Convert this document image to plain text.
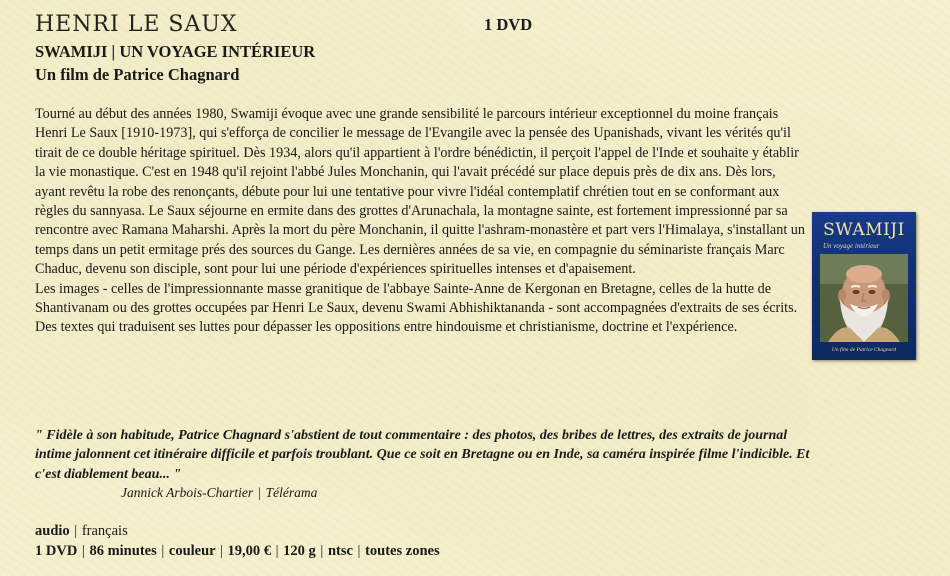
HENRI LE SAUX	1 DVD
SWAMIJI | UN VOYAGE INTÉRIEUR
Un film de Patrice Chagnard

Tourné au début des années 1980, Swamiji évoque avec une grande sensibilité le parcours intérieur exceptionnel du moine français Henri Le Saux [1910-1973], qui s'efforça de concilier le message de l'Evangile avec la pensée des Upanishads, vivant les vérités qu'il tirait de ce double héritage spirituel. Dès 1934, alors qu'il appartient à l'ordre bénédictin, il perçoit l'appel de l'Inde et souhaite y établir la vie monastique. C'est en 1948 qu'il rejoint l'abbé Jules Monchanin, qui l'avait précédé sur place depuis près de dix ans. Dès lors, ayant revêtu la robe des renonçants, débute pour lui une tentative pour vivre l'idéal contemplatif chrétien tout en se conformant aux règles du sannyasa. Le Saux séjourne en ermite dans des grottes d'Arunachala, la montagne sainte, est fortement impressionné par sa rencontre avec Ramana Maharshi. Après la mort du père Monchanin, il quitte l'ashram-monastère et part vers l'Himalaya, s'installant un temps dans un petit ermitage prés des sources du Gange. Les dernières années de sa vie, en compagnie du séminariste français Marc Chaduc, devenu son disciple, sont pour lui une période d'expériences spirituelles intenses et d'apaisement.

Les images - celles de l'impressionnante masse granitique de l'abbaye Sainte-Anne de Kergonan en Bretagne, celles de la hutte de Shantivanam ou des grottes occupées par Henri Le Saux, devenu Swami Abhishiktananda - sont accompagnées d'extraits de ses écrits. Des textes qui traduisent ses luttes pour dépasser les oppositions entre hindouisme et christianisme, doctrine et l'expérience.

SWAMIJI
Un voyage intérieur
Un film de Patrice Chagnard
" Fidèle à son habitude, Patrice Chagnard s'abstient de tout commentaire : des photos, des bribes de lettres, des extraits de journal intime jalonnent cet itinéraire difficile et parfois troublant. Que ce soit en Bretagne ou en Inde, sa caméra inspirée filme l'indicible. Et c'est diablement beau... "
Jannick Arbois-Chartier | Télérama
audio | français
1 DVD | 86 minutes | couleur | 19,00 € | 120 g | ntsc | toutes zones
